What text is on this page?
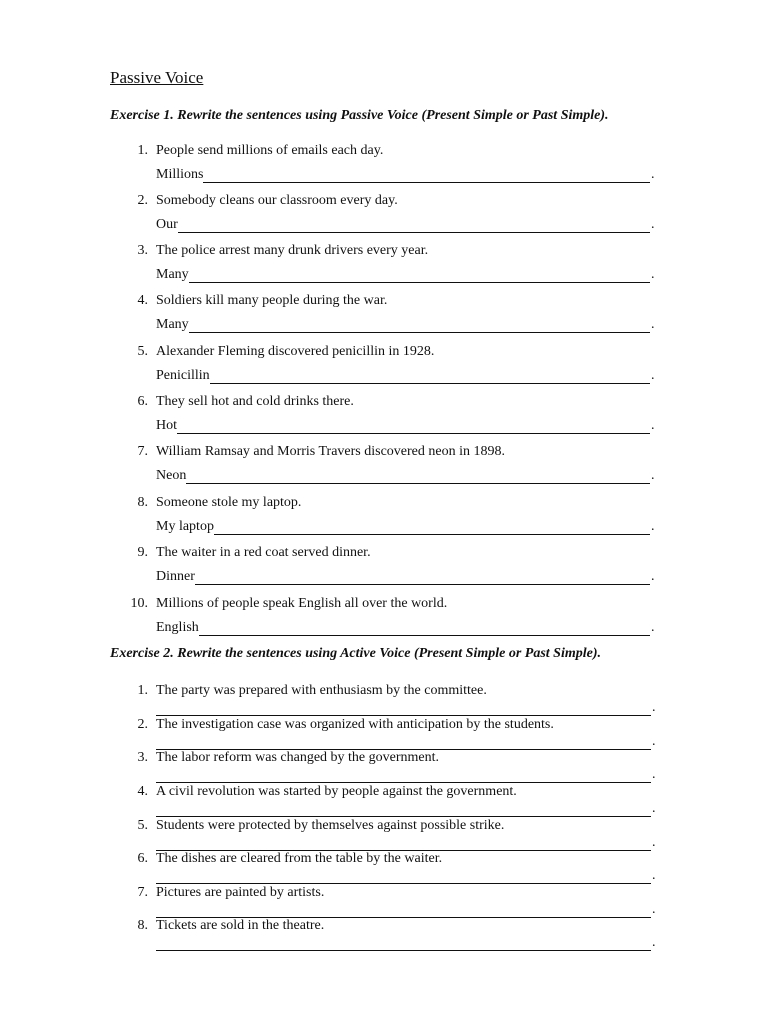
Passive Voice

Exercise 1. Rewrite the sentences using Passive Voice (Present Simple or Past Simple).

1. People send millions of emails each day.
Millions	.
2. Somebody cleans our classroom every day.
Our	.
3. The police arrest many drunk drivers every year.
Many	.
4. Soldiers kill many people during the war.
Many	.
5. Alexander Fleming discovered penicillin in 1928.
Penicillin	.
6. They sell hot and cold drinks there.
Hot	.
7. William Ramsay and Morris Travers discovered neon in 1898.
Neon	.
8. Someone stole my laptop.
My laptop	.
9. The waiter in a red coat served dinner.
Dinner	.
10. Millions of people speak English all over the world.
English	.

Exercise 2. Rewrite the sentences using Active Voice (Present Simple or Past Simple).

1. The party was prepared with enthusiasm by the committee.
.
2. The investigation case was organized with anticipation by the students.
.
3. The labor reform was changed by the government.
.
4. A civil revolution was started by people against the government.
.
5. Students were protected by themselves against possible strike.
.
6. The dishes are cleared from the table by the waiter.
.
7. Pictures are painted by artists.
.
8. Tickets are sold in the theatre.
.
